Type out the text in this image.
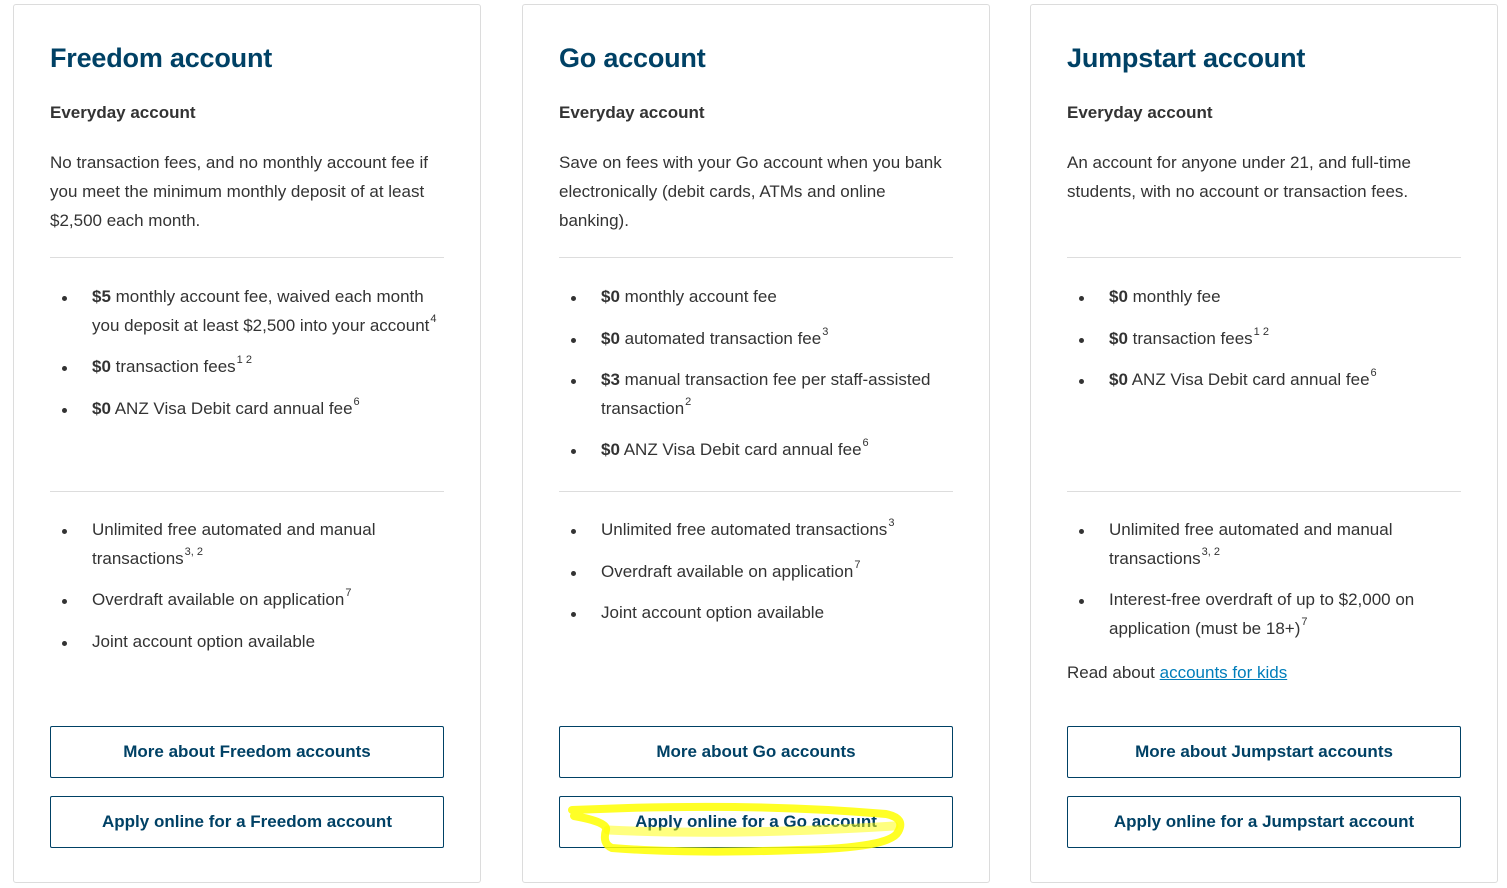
Freedom account
Everyday account

No transaction fees, and no monthly account fee if you meet the minimum monthly deposit of at least $2,500 each month.

$5 monthly account fee, waived each month you deposit at least $2,500 into your account$^4$
$0 transaction fees$^{1 2}$
$0 ANZ Visa Debit card annual fee$^6$
Unlimited free automated and manual transactions$^{3, 2}$
Overdraft available on application$^7$
Joint account option available
More about Freedom accounts
Apply online for a Freedom account
Go account
Everyday account

Save on fees with your Go account when you bank electronically (debit cards, ATMs and online banking).

$0 monthly account fee
$0 automated transaction fee$^3$
$3 manual transaction fee per staff-assisted transaction$^2$
$0 ANZ Visa Debit card annual fee$^6$
Unlimited free automated transactions$^3$
Overdraft available on application$^7$
Joint account option available
More about Go accounts
Apply online for a Go account
Jumpstart account
Everyday account

An account for anyone under 21, and full-time students, with no account or transaction fees.

$0 monthly fee
$0 transaction fees$^{1 2}$
$0 ANZ Visa Debit card annual fee$^6$
Unlimited free automated and manual transactions$^{3, 2}$
Interest-free overdraft of up to $2,000 on application (must be 18+)$^7$

Read about accounts for kids

More about Jumpstart accounts
Apply online for a Jumpstart account
